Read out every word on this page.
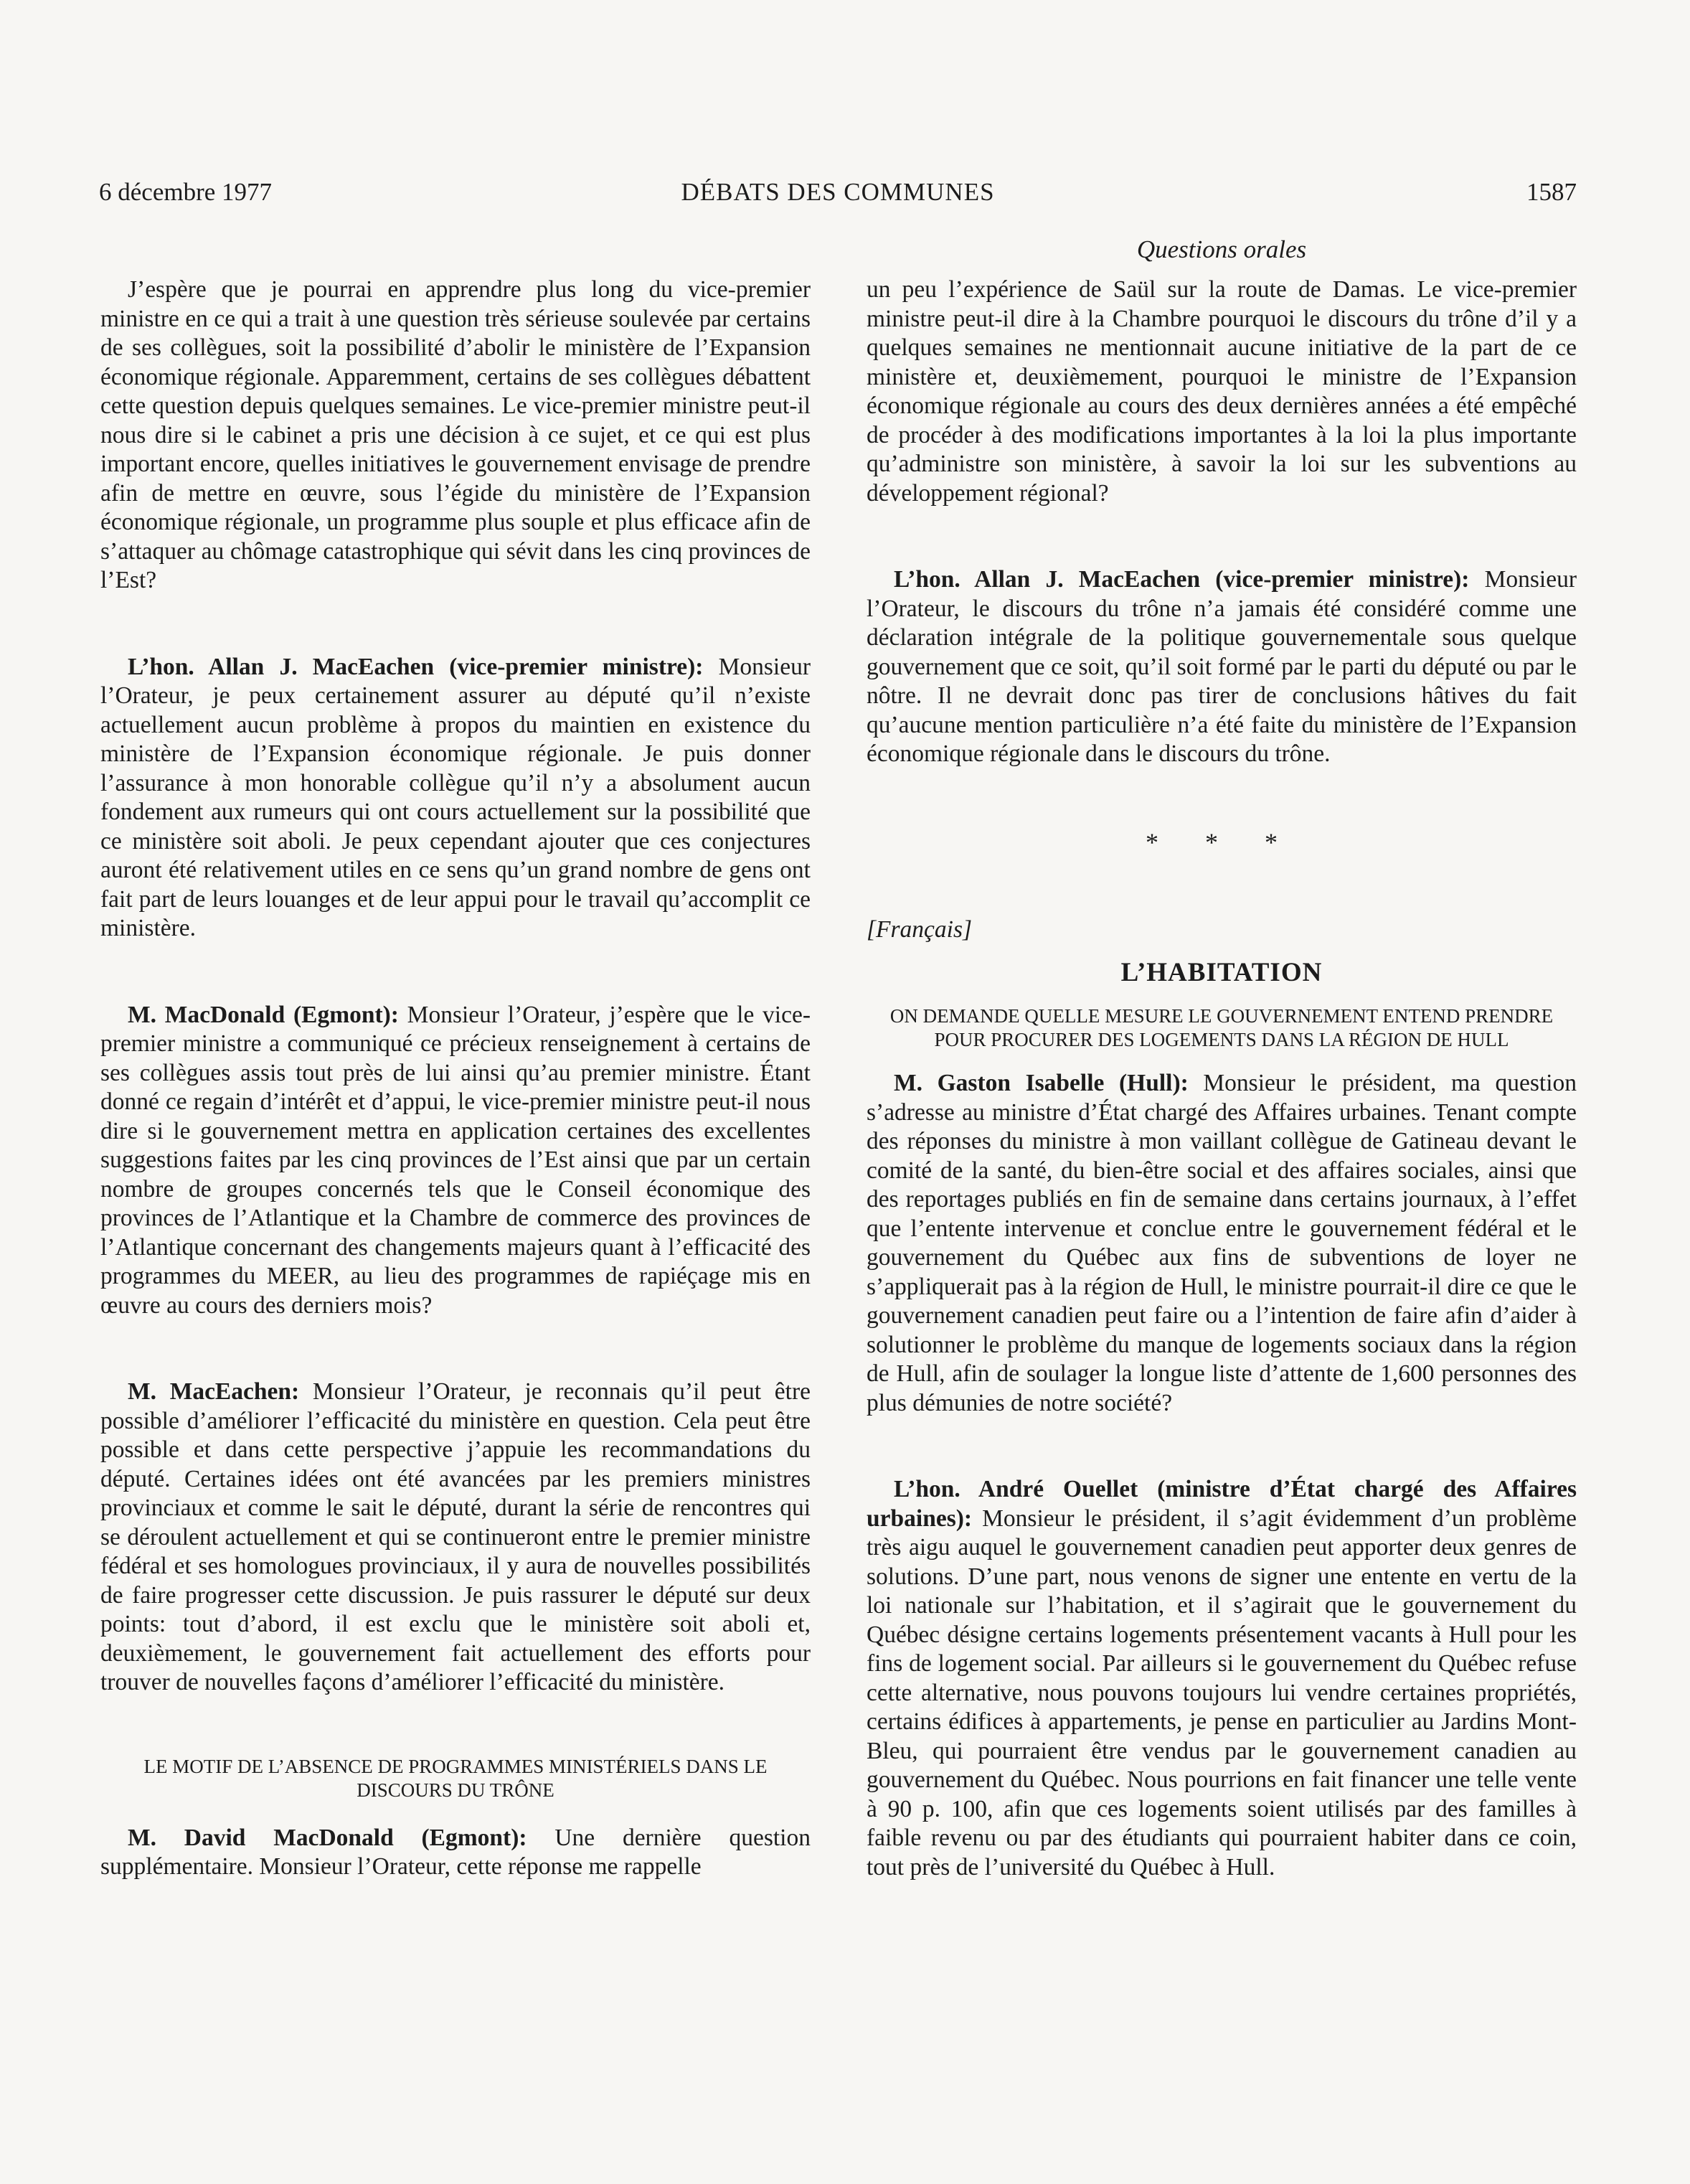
6 décembre 1977	DÉBATS DES COMMUNES	1587
Questions orales

J’espère que je pourrai en apprendre plus long du vice-premier ministre en ce qui a trait à une question très sérieuse soulevée par certains de ses collègues, soit la possibilité d’abolir le ministère de l’Expansion économique régionale. Apparemment, certains de ses collègues débattent cette question depuis quelques semaines. Le vice-premier ministre peut-il nous dire si le cabinet a pris une décision à ce sujet, et ce qui est plus important encore, quelles initiatives le gouvernement envisage de prendre afin de mettre en œuvre, sous l’égide du ministère de l’Expansion économique régionale, un programme plus souple et plus efficace afin de s’attaquer au chômage catastrophique qui sévit dans les cinq provinces de l’Est?

L’hon. Allan J. MacEachen (vice-premier ministre): Monsieur l’Orateur, je peux certainement assurer au député qu’il n’existe actuellement aucun problème à propos du maintien en existence du ministère de l’Expansion économique régionale. Je puis donner l’assurance à mon honorable collègue qu’il n’y a absolument aucun fondement aux rumeurs qui ont cours actuellement sur la possibilité que ce ministère soit aboli. Je peux cependant ajouter que ces conjectures auront été relativement utiles en ce sens qu’un grand nombre de gens ont fait part de leurs louanges et de leur appui pour le travail qu’accomplit ce ministère.

M. MacDonald (Egmont): Monsieur l’Orateur, j’espère que le vice-premier ministre a communiqué ce précieux renseignement à certains de ses collègues assis tout près de lui ainsi qu’au premier ministre. Étant donné ce regain d’intérêt et d’appui, le vice-premier ministre peut-il nous dire si le gouvernement mettra en application certaines des excellentes suggestions faites par les cinq provinces de l’Est ainsi que par un certain nombre de groupes concernés tels que le Conseil économique des provinces de l’Atlantique et la Chambre de commerce des provinces de l’Atlantique concernant des changements majeurs quant à l’efficacité des programmes du MEER, au lieu des programmes de rapiéçage mis en œuvre au cours des derniers mois?

M. MacEachen: Monsieur l’Orateur, je reconnais qu’il peut être possible d’améliorer l’efficacité du ministère en question. Cela peut être possible et dans cette perspective j’appuie les recommandations du député. Certaines idées ont été avancées par les premiers ministres provinciaux et comme le sait le député, durant la série de rencontres qui se déroulent actuellement et qui se continueront entre le premier ministre fédéral et ses homologues provinciaux, il y aura de nouvelles possibilités de faire progresser cette discussion. Je puis rassurer le député sur deux points: tout d’abord, il est exclu que le ministère soit aboli et, deuxièmement, le gouvernement fait actuellement des efforts pour trouver de nouvelles façons d’améliorer l’efficacité du ministère.

LE MOTIF DE L’ABSENCE DE PROGRAMMES MINISTÉRIELS DANS LE DISCOURS DU TRÔNE

M. David MacDonald (Egmont): Une dernière question supplémentaire. Monsieur l’Orateur, cette réponse me rappelle

un peu l’expérience de Saül sur la route de Damas. Le vice-premier ministre peut-il dire à la Chambre pourquoi le discours du trône d’il y a quelques semaines ne mentionnait aucune initiative de la part de ce ministère et, deuxièmement, pourquoi le ministre de l’Expansion économique régionale au cours des deux dernières années a été empêché de procéder à des modifications importantes à la loi la plus importante qu’administre son ministère, à savoir la loi sur les subventions au développement régional?

L’hon. Allan J. MacEachen (vice-premier ministre): Monsieur l’Orateur, le discours du trône n’a jamais été considéré comme une déclaration intégrale de la politique gouvernementale sous quelque gouvernement que ce soit, qu’il soit formé par le parti du député ou par le nôtre. Il ne devrait donc pas tirer de conclusions hâtives du fait qu’aucune mention particulière n’a été faite du ministère de l’Expansion économique régionale dans le discours du trône.

* * *

[Français]

L’HABITATION

ON DEMANDE QUELLE MESURE LE GOUVERNEMENT ENTEND PRENDRE POUR PROCURER DES LOGEMENTS DANS LA RÉGION DE HULL

M. Gaston Isabelle (Hull): Monsieur le président, ma question s’adresse au ministre d’État chargé des Affaires urbaines. Tenant compte des réponses du ministre à mon vaillant collègue de Gatineau devant le comité de la santé, du bien-être social et des affaires sociales, ainsi que des reportages publiés en fin de semaine dans certains journaux, à l’effet que l’entente intervenue et conclue entre le gouvernement fédéral et le gouvernement du Québec aux fins de subventions de loyer ne s’appliquerait pas à la région de Hull, le ministre pourrait-il dire ce que le gouvernement canadien peut faire ou a l’intention de faire afin d’aider à solutionner le problème du manque de logements sociaux dans la région de Hull, afin de soulager la longue liste d’attente de 1,600 personnes des plus démunies de notre société?

L’hon. André Ouellet (ministre d’État chargé des Affaires urbaines): Monsieur le président, il s’agit évidemment d’un problème très aigu auquel le gouvernement canadien peut apporter deux genres de solutions. D’une part, nous venons de signer une entente en vertu de la loi nationale sur l’habitation, et il s’agirait que le gouvernement du Québec désigne certains logements présentement vacants à Hull pour les fins de logement social. Par ailleurs si le gouvernement du Québec refuse cette alternative, nous pouvons toujours lui vendre certaines propriétés, certains édifices à appartements, je pense en particulier au Jardins Mont-Bleu, qui pourraient être vendus par le gouvernement canadien au gouvernement du Québec. Nous pourrions en fait financer une telle vente à 90 p. 100, afin que ces logements soient utilisés par des familles à faible revenu ou par des étudiants qui pourraient habiter dans ce coin, tout près de l’université du Québec à Hull.
